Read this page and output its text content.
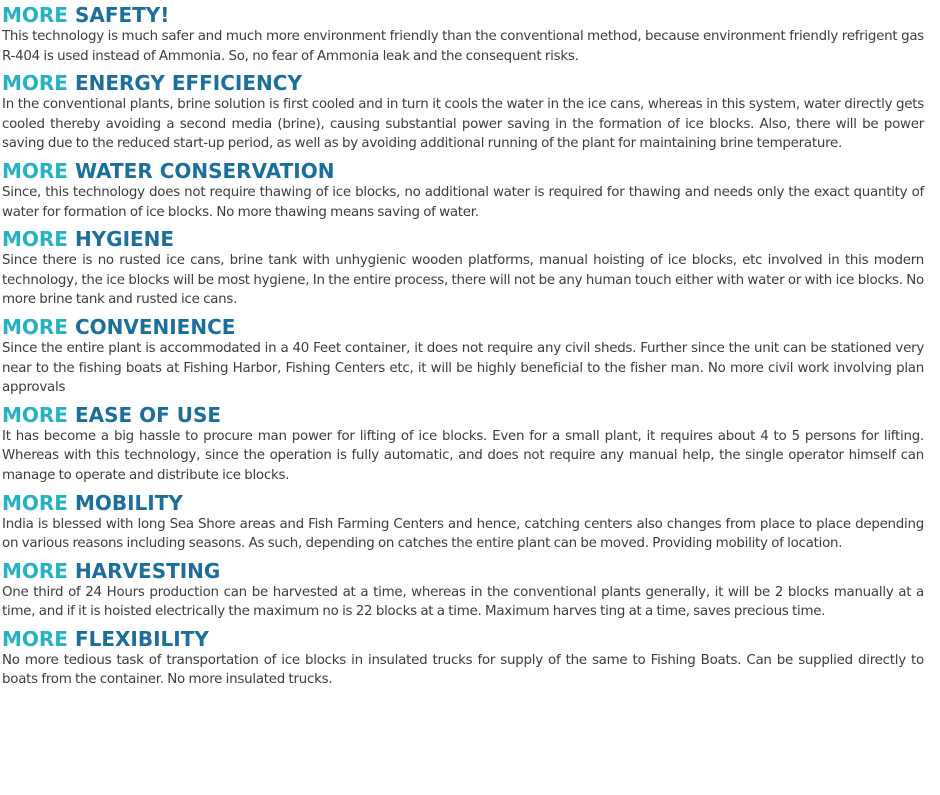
MORE SAFETY!

This technology is much safer and much more environment friendly than the conventional method, because environment friendly refrigent gas R-404 is used instead of Ammonia. So, no fear of Ammonia leak and the consequent risks.

MORE ENERGY EFFICIENCY

In the conventional plants, brine solution is first cooled and in turn it cools the water in the ice cans, whereas in this system, water directly gets cooled thereby avoiding a second media (brine), causing substantial power saving in the formation of ice blocks. Also, there will be power saving due to the reduced start-up period, as well as by avoiding additional running of the plant for maintaining brine temperature.

MORE WATER CONSERVATION

Since, this technology does not require thawing of ice blocks, no additional water is required for thawing and needs only the exact quantity of water for formation of ice blocks. No more thawing means saving of water.

MORE HYGIENE

Since there is no rusted ice cans, brine tank with unhygienic wooden platforms, manual hoisting of ice blocks, etc involved in this modern technology, the ice blocks will be most hygiene, In the entire process, there will not be any human touch either with water or with ice blocks. No more brine tank and rusted ice cans.

MORE CONVENIENCE

Since the entire plant is accommodated in a 40 Feet container, it does not require any civil sheds. Further since the unit can be stationed very near to the fishing boats at Fishing Harbor, Fishing Centers etc, it will be highly beneficial to the fisher man. No more civil work involving plan approvals

MORE EASE OF USE

It has become a big hassle to procure man power for lifting of ice blocks. Even for a small plant, it requires about 4 to 5 persons for lifting. Whereas with this technology, since the operation is fully automatic, and does not require any manual help, the single operator himself can manage to operate and distribute ice blocks.

MORE MOBILITY

India is blessed with long Sea Shore areas and Fish Farming Centers and hence, catching centers also changes from place to place depending on various reasons including seasons. As such, depending on catches the entire plant can be moved. Providing mobility of location.

MORE HARVESTING

One third of 24 Hours production can be harvested at a time, whereas in the conventional plants generally, it will be 2 blocks manually at a time, and if it is hoisted electrically the maximum no is 22 blocks at a time. Maximum harves ting at a time, saves precious time.

MORE FLEXIBILITY

No more tedious task of transportation of ice blocks in insulated trucks for supply of the same to Fishing Boats. Can be supplied directly to boats from the container. No more insulated trucks.
